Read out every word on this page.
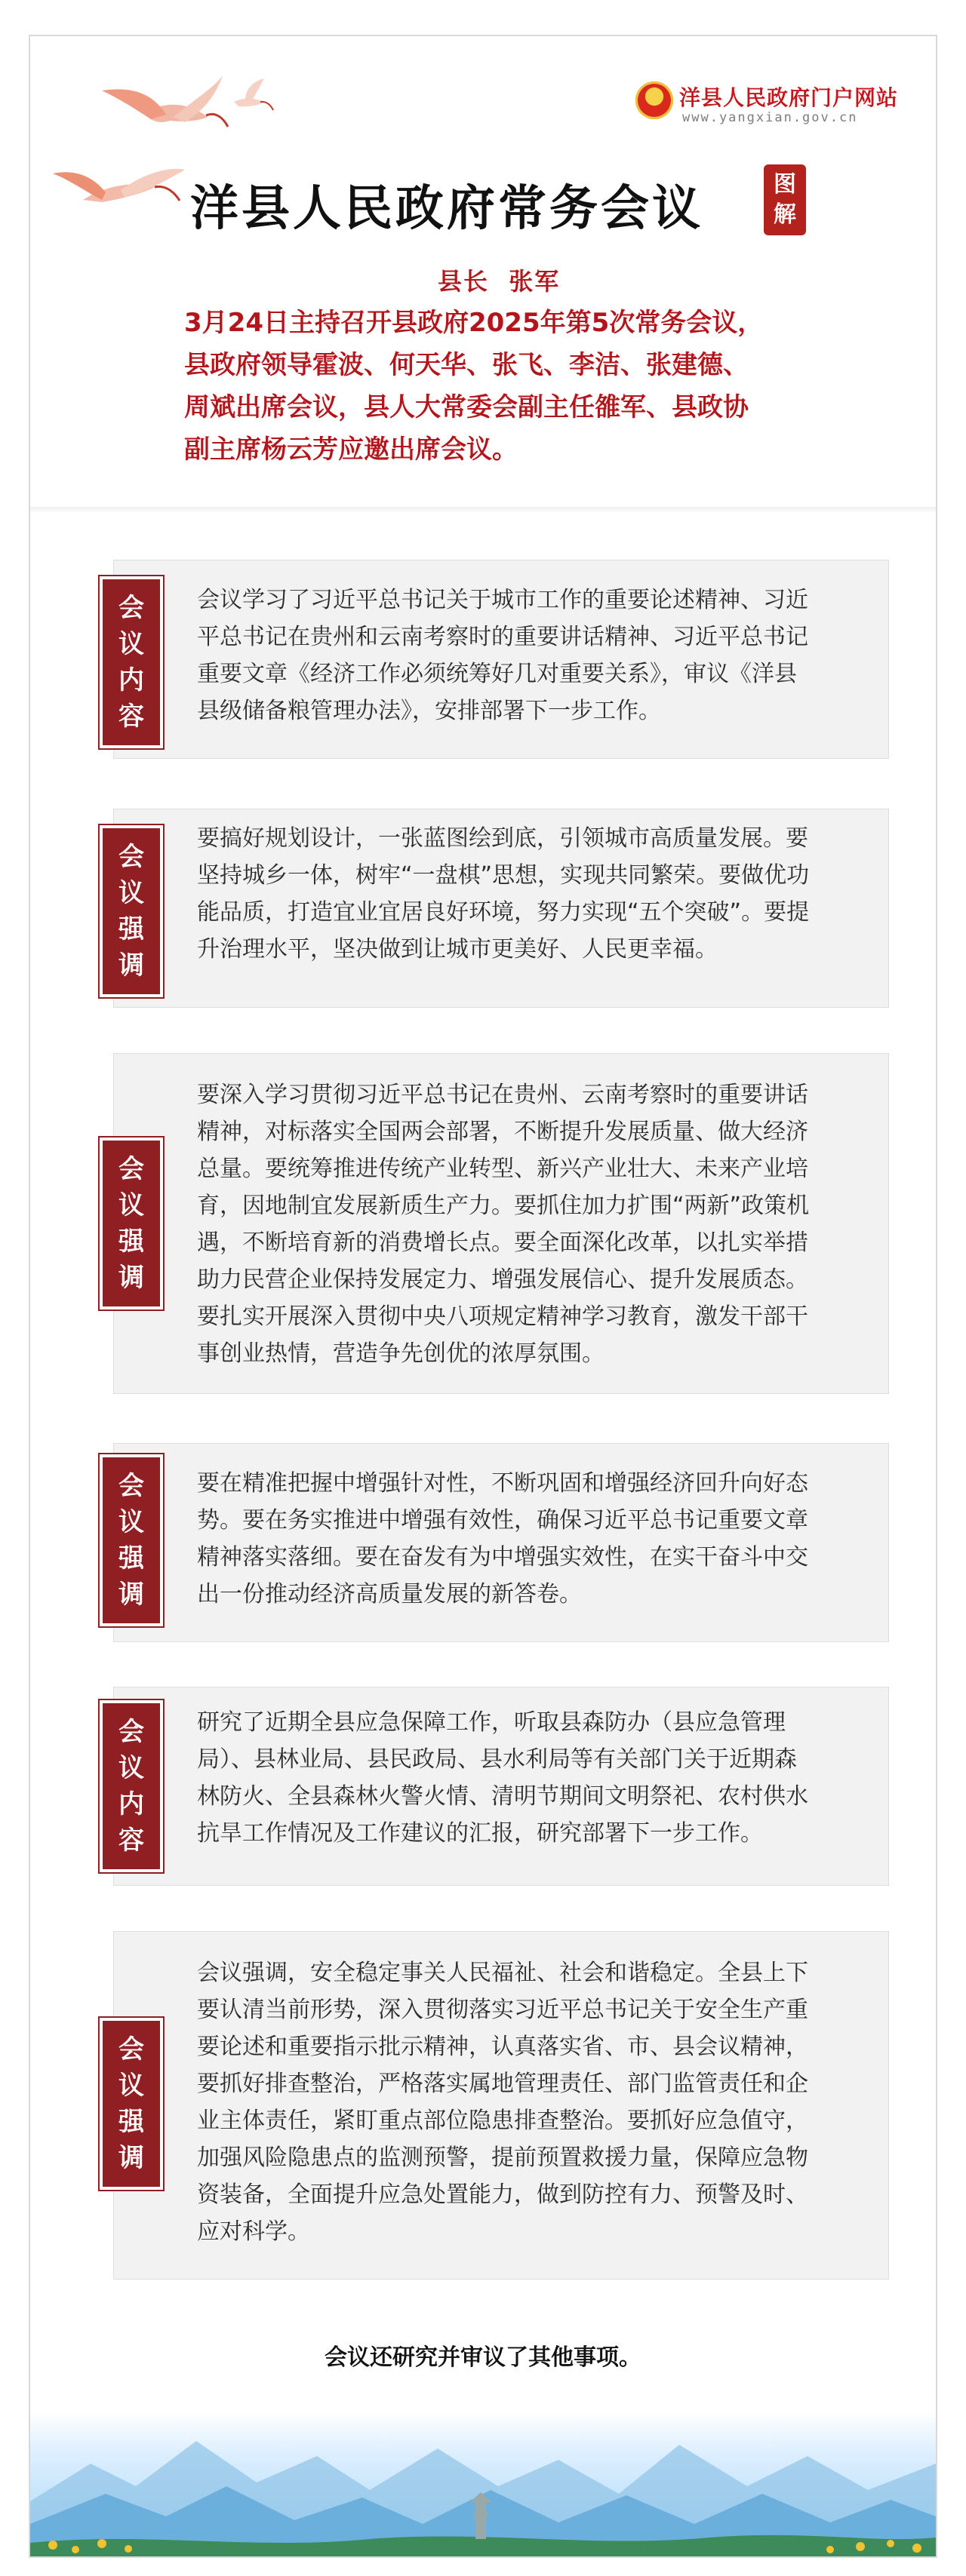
洋县人民政府门户网站
www.yangxian.gov.cn
洋县人民政府常务会议	图
解
县长  张军
3月24日主持召开县政府2025年第5次常务会议，
县政府领导霍波、何天华、张飞、李洁、张建德、
周斌出席会议，县人大常委会副主任雒军、县政协
副主席杨云芳应邀出席会议。
会议学习了习近平总书记关于城市工作的重要论述精神、习近
平总书记在贵州和云南考察时的重要讲话精神、习近平总书记
重要文章《经济工作必须统筹好几对重要关系》，审议《洋县
县级储备粮管理办法》，安排部署下一步工作。
会
议
内
容
要搞好规划设计，一张蓝图绘到底，引领城市高质量发展。要
坚持城乡一体，树牢“一盘棋”思想，实现共同繁荣。要做优功
能品质，打造宜业宜居良好环境，努力实现“五个突破”。要提
升治理水平，坚决做到让城市更美好、人民更幸福。
会
议
强
调
要深入学习贯彻习近平总书记在贵州、云南考察时的重要讲话
精神，对标落实全国两会部署，不断提升发展质量、做大经济
总量。要统筹推进传统产业转型、新兴产业壮大、未来产业培
育，因地制宜发展新质生产力。要抓住加力扩围“两新”政策机
遇，不断培育新的消费增长点。要全面深化改革，以扎实举措
助力民营企业保持发展定力、增强发展信心、提升发展质态。
要扎实开展深入贯彻中央八项规定精神学习教育，激发干部干
事创业热情，营造争先创优的浓厚氛围。
会
议
强
调
要在精准把握中增强针对性，不断巩固和增强经济回升向好态
势。要在务实推进中增强有效性，确保习近平总书记重要文章
精神落实落细。要在奋发有为中增强实效性，在实干奋斗中交
出一份推动经济高质量发展的新答卷。
会
议
强
调
研究了近期全县应急保障工作，听取县森防办（县应急管理
局）、县林业局、县民政局、县水利局等有关部门关于近期森
林防火、全县森林火警火情、清明节期间文明祭祀、农村供水
抗旱工作情况及工作建议的汇报，研究部署下一步工作。
会
议
内
容
会议强调，安全稳定事关人民福祉、社会和谐稳定。全县上下
要认清当前形势，深入贯彻落实习近平总书记关于安全生产重
要论述和重要指示批示精神，认真落实省、市、县会议精神，
要抓好排查整治，严格落实属地管理责任、部门监管责任和企
业主体责任，紧盯重点部位隐患排查整治。要抓好应急值守，
加强风险隐患点的监测预警，提前预置救援力量，保障应急物
资装备，全面提升应急处置能力，做到防控有力、预警及时、
应对科学。
会
议
强
调
会议还研究并审议了其他事项。
